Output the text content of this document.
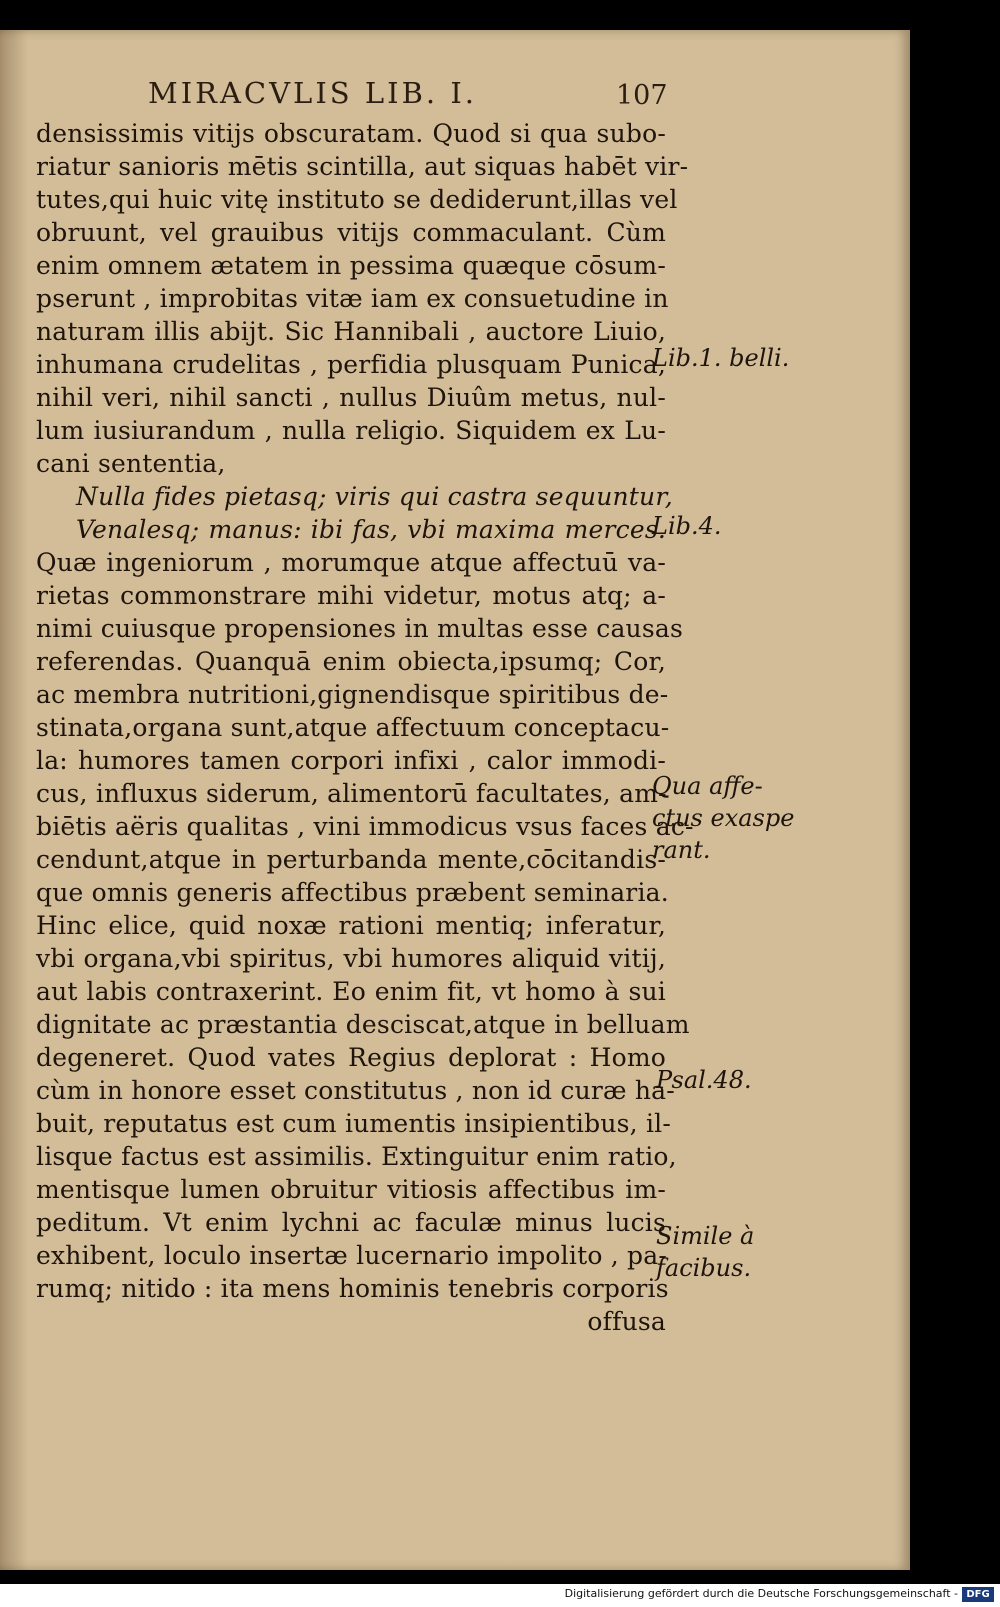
MIRACVLIS LIB. I.	107
densissimis vitijs obscuratam. Quod si qua subo-
riatur sanioris mētis scintilla, aut siquas habēt vir-
tutes,qui huic vitę instituto se dediderunt,illas vel
obruunt, vel grauibus vitijs commaculant. Cùm
enim omnem ætatem in pessima quæque cōsum-
pserunt , improbitas vitæ iam ex consuetudine in
naturam illis abijt. Sic Hannibali , auctore Liuio,
inhumana crudelitas , perfidia plusquam Punica,
nihil veri, nihil sancti , nullus Diuûm metus, nul-
lum iusiurandum , nulla religio. Siquidem ex Lu-
cani sententia,
Nulla fides pietasq; viris qui castra sequuntur,
Venalesq; manus: ibi fas, vbi maxima merces.
Quæ ingeniorum , morumque atque affectuū va-
rietas commonstrare mihi videtur, motus atq; a-
nimi cuiusque propensiones in multas esse causas
referendas. Quanquā enim obiecta,ipsumq; Cor,
ac membra nutritioni,gignendisque spiritibus de-
stinata,organa sunt,atque affectuum conceptacu-
la: humores tamen corpori infixi , calor immodi-
cus, influxus siderum, alimentorū facultates, am-
biētis aëris qualitas , vini immodicus vsus faces ac-
cendunt,atque in perturbanda mente,cōcitandis-
que omnis generis affectibus præbent seminaria.
Hinc elice, quid noxæ rationi mentiq; inferatur,
vbi organa,vbi spiritus, vbi humores aliquid vitij,
aut labis contraxerint. Eo enim fit, vt homo à sui
dignitate ac præstantia desciscat,atque in belluam
degeneret. Quod vates Regius deplorat : Homo
cùm in honore esset constitutus , non id curæ ha-
buit, reputatus est cum iumentis insipientibus, il-
lisque factus est assimilis. Extinguitur enim ratio,
mentisque lumen obruitur vitiosis affectibus im-
peditum. Vt enim lychni ac faculæ minus lucis
exhibent, loculo insertæ lucernario impolito , pa-
rumq; nitido : ita mens hominis tenebris corporis
offusa
Lib.1. belli.
Lib.4.
Qua affe-
ctus exaspe
rant.
Psal.48.
Simile à
facibus.
Digitalisierung gefördert durch die Deutsche Forschungsgemeinschaft - DFG
